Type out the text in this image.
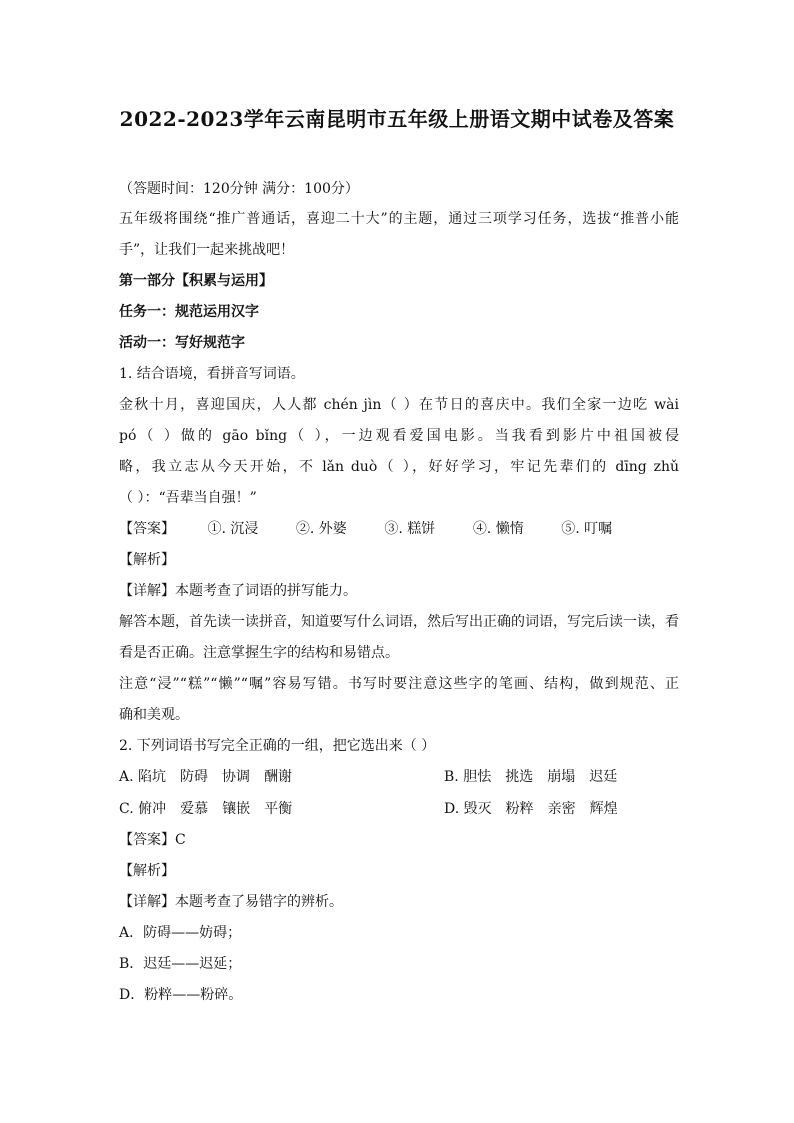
2022-2023学年云南昆明市五年级上册语文期中试卷及答案
（答题时间：120分钟 满分：100分）
五年级将围绕“推广普通话，喜迎二十大”的主题，通过三项学习任务，选拔“推普小能
手”，让我们一起来挑战吧！
第一部分【积累与运用】
任务一：规范运用汉字
活动一：写好规范字
1. 结合语境，看拼音写词语。
金秋十月，喜迎国庆，人人都 chén jìn（ ）在节日的喜庆中。我们全家一边吃 wài
pó（ ）做的 gāo bǐng（ ），一边观看爱国电影。当我看到影片中祖国被侵
略，我立志从今天开始，不 lǎn duò（ ），好好学习，牢记先辈们的 dīng zhǔ
（ ）：“吾辈当自强！”
【答案】 ①. 沉浸	②. 外婆	③. 糕饼	④. 懒惰	⑤. 叮嘱
【解析】
【详解】本题考查了词语的拼写能力。
解答本题，首先读一读拼音，知道要写什么词语，然后写出正确的词语，写完后读一读，看
看是否正确。注意掌握生字的结构和易错点。
注意“浸”“糕”“懒”“嘱”容易写错。书写时要注意这些字的笔画、结构，做到规范、正
确和美观。
2. 下列词语书写完全正确的一组，把它选出来（ ）
A. 陷坑 防碍 协调 酬谢	B. 胆怯 挑选 崩塌 迟廷
C. 俯冲 爱慕 镶嵌 平衡	D. 毁灭 粉粹 亲密 辉煌
【答案】C
【解析】
【详解】本题考查了易错字的辨析。
A．防碍——妨碍；
B．迟廷——迟延；
D．粉粹——粉碎。
